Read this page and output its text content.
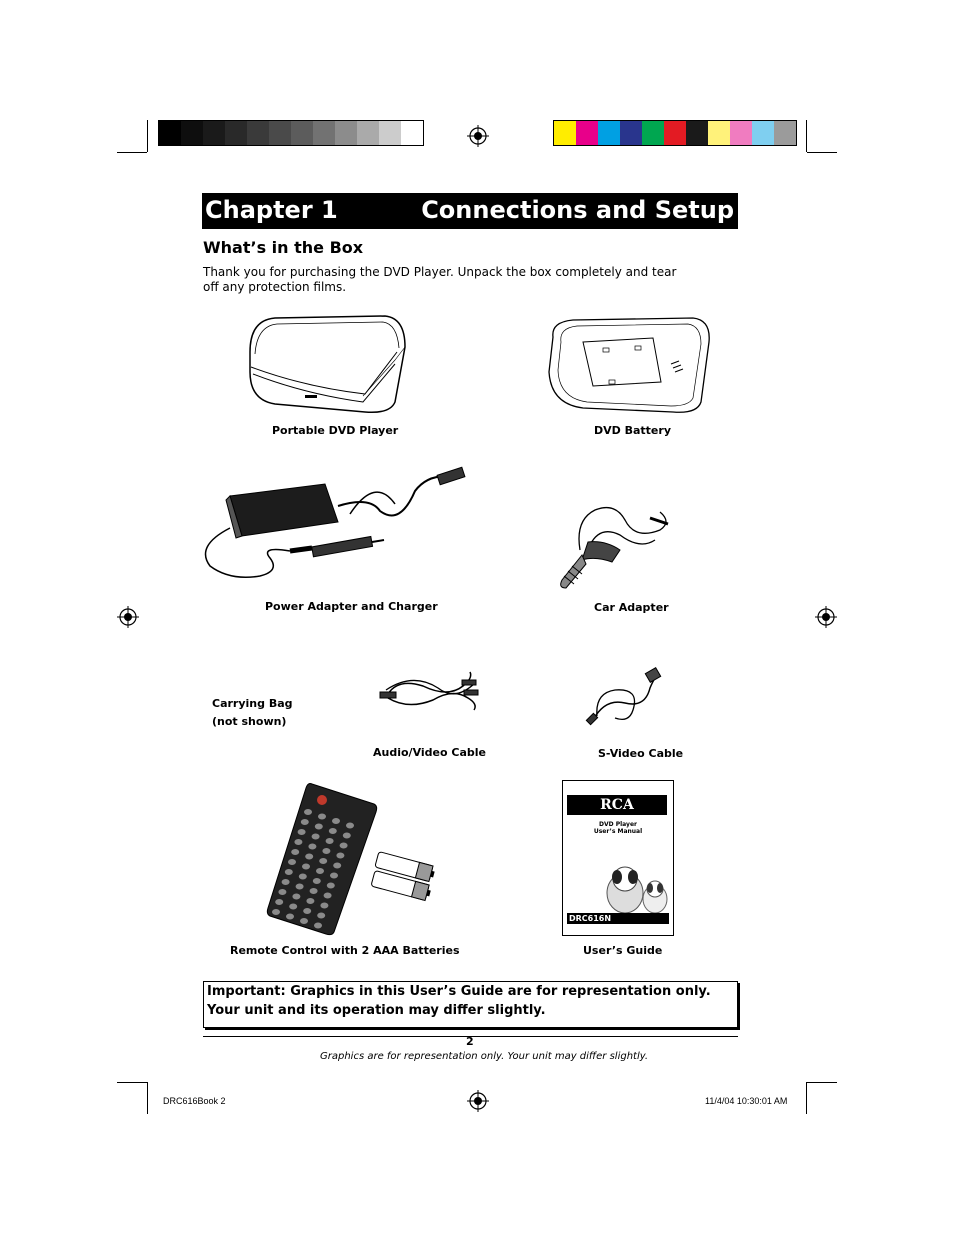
Chapter 1	Connections and Setup
What’s in the Box
Thank you for purchasing the DVD Player. Unpack the box completely and tear off any protection films.
Portable DVD Player	DVD Battery
Power Adapter and Charger	Car Adapter
Carrying Bag
(not shown)
Audio/Video Cable	S-Video Cable
Remote Control with 2 AAA Batteries
RCA
DVD Player
User’s Manual
DRC616N
User’s Guide
Important: Graphics in this User’s Guide are for representation only. Your unit and its operation may differ slightly.
2
Graphics are for representation only. Your unit may differ slightly.
DRC616Book 2	11/4/04 10:30:01 AM
